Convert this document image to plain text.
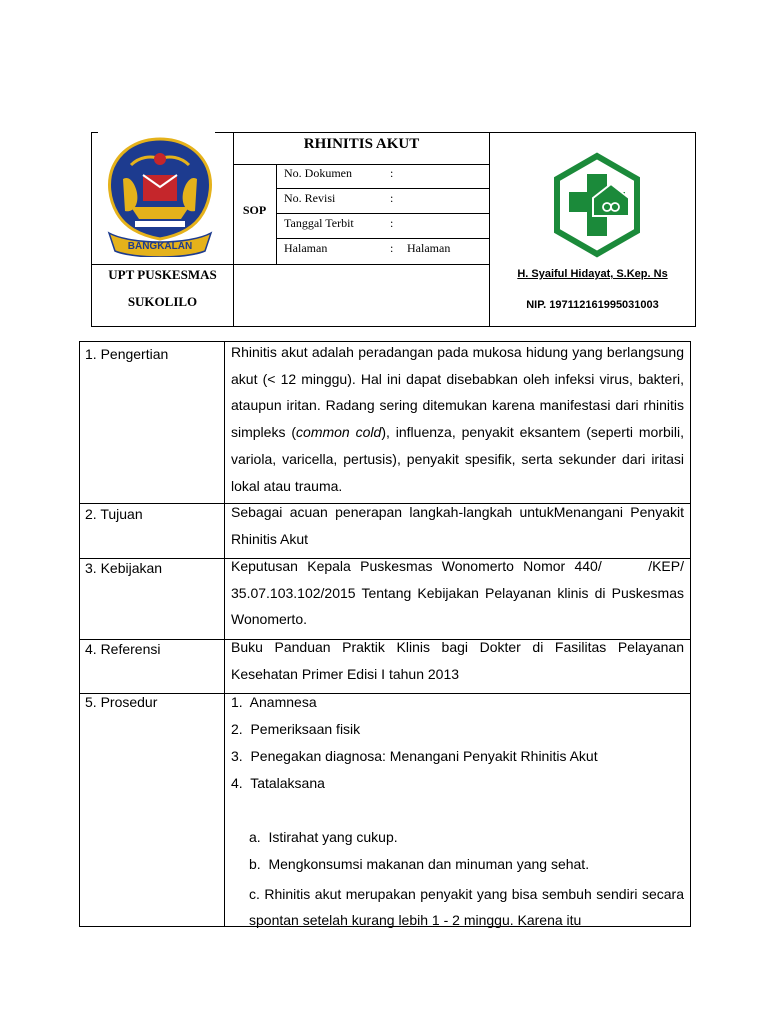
BANGKALAN
RHINITIS AKUT
SOP
No. Dokumen	:
No. Revisi	:
Tanggal Terbit	:
Halaman	: Halaman
UPT PUSKESMAS
SUKOLILO
H. Syaiful Hidayat, S.Kep. Ns
NIP. 197112161995031003
1. Pengertian	Rhinitis akut adalah peradangan pada mukosa hidung yang berlangsung akut (< 12 minggu). Hal ini dapat disebabkan oleh infeksi virus, bakteri, ataupun iritan. Radang sering ditemukan karena manifestasi dari rhinitis simpleks (common cold), influenza, penyakit eksantem (seperti morbili, variola, varicella, pertusis), penyakit spesifik, serta sekunder dari iritasi lokal atau trauma.
2. Tujuan	Sebagai acuan penerapan langkah-langkah untukMenangani Penyakit Rhinitis Akut
3. Kebijakan	Keputusan Kepala Puskesmas Wonomerto Nomor 440/     /KEP/ 35.07.103.102/2015 Tentang Kebijakan Pelayanan klinis di Puskesmas Wonomerto.
4. Referensi	Buku Panduan Praktik Klinis bagi Dokter di Fasilitas Pelayanan Kesehatan Primer Edisi I tahun 2013
5. Prosedur	1.  Anamnesa
2.  Pemeriksaan fisik
3.  Penegakan diagnosa: Menangani Penyakit Rhinitis Akut
4.  Tatalaksana
a.  Istirahat yang cukup.
b.  Mengkonsumsi makanan dan minuman yang sehat.
c. Rhinitis akut merupakan penyakit yang bisa sembuh sendiri secara spontan setelah kurang lebih 1 - 2 minggu. Karena itu
